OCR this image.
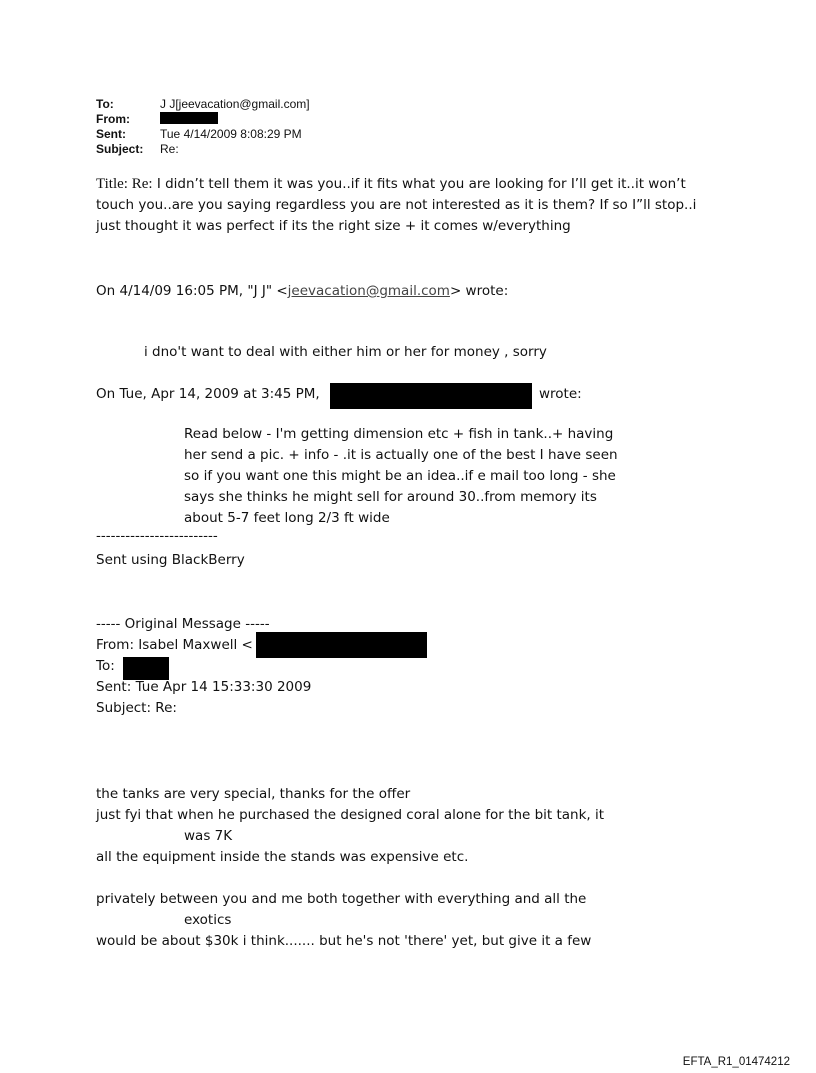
To:	J J[jeevacation@gmail.com]
From:
Sent:	Tue 4/14/2009 8:08:29 PM
Subject: Re:
Title: Re: I didn’t tell them it was you..if it fits what you are looking for I’ll get it..it won’t
touch you..are you saying regardless you are not interested as it is them? If so I”ll stop..i
just thought it was perfect if its the right size + it comes w/everything
On 4/14/09 16:05 PM, "J J" <jeevacation@gmail.com> wrote:
i dno't want to deal with either him or her for money , sorry
On Tue, Apr 14, 2009 at 3:45 PM,	wrote:
Read below - I'm getting dimension etc + fish in tank..+ having
her send a pic. + info - .it is actually one of the best I have seen
so if you want one this might be an idea..if e mail too long - she
says she thinks he might sell for around 30..from memory its
about 5-7 feet long 2/3 ft wide
-------------------------
Sent using BlackBerry
----- Original Message -----
From: Isabel Maxwell <
To:
Sent: Tue Apr 14 15:33:30 2009
Subject: Re:
the tanks are very special, thanks for the offer
just fyi that when he purchased the designed coral alone for the bit tank, it
was 7K
all the equipment inside the stands was expensive etc.
privately between you and me both together with everything and all the
exotics
would be about $30k i think....... but he's not 'there' yet, but give it a few
EFTA_R1_01474212
